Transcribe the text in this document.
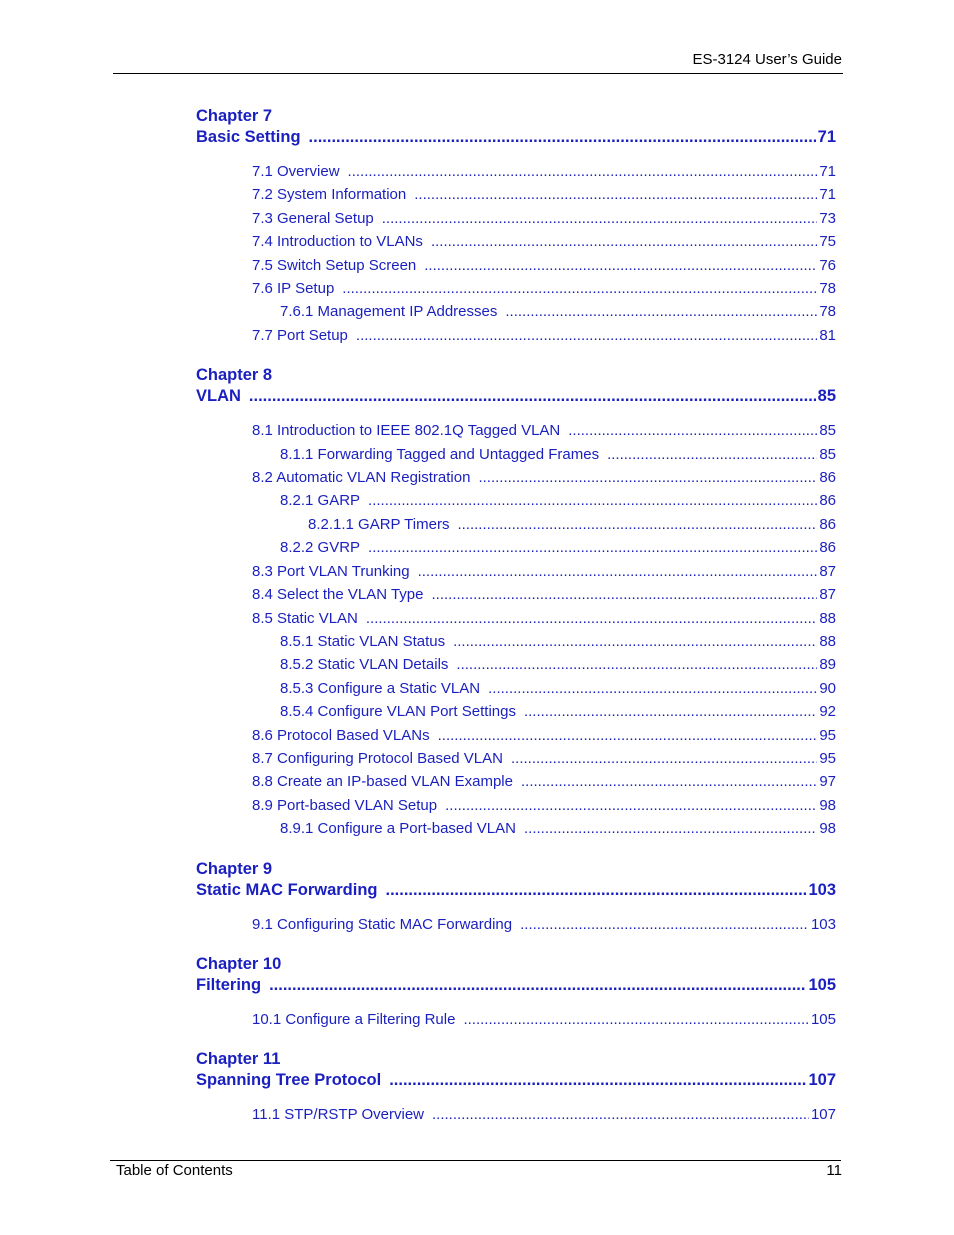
ES-3124 User’s Guide
Chapter 7
Basic Setting .....	71
7.1 Overview .....	71
7.2 System Information .....	71
7.3 General Setup .....	73
7.4 Introduction to VLANs .....	75
7.5 Switch Setup Screen .....	76
7.6 IP Setup .....	78
7.6.1 Management IP Addresses .....	78
7.7 Port Setup .....	81
Chapter 8
VLAN .....	85
8.1 Introduction to IEEE 802.1Q Tagged VLAN .....	85
8.1.1 Forwarding Tagged and Untagged Frames .....	85
8.2 Automatic VLAN Registration .....	86
8.2.1 GARP .....	86
8.2.1.1 GARP Timers .....	86
8.2.2 GVRP .....	86
8.3 Port VLAN Trunking .....	87
8.4 Select the VLAN Type .....	87
8.5 Static VLAN .....	88
8.5.1 Static VLAN Status .....	88
8.5.2 Static VLAN Details .....	89
8.5.3 Configure a Static VLAN .....	90
8.5.4 Configure VLAN Port Settings .....	92
8.6 Protocol Based VLANs .....	95
8.7 Configuring Protocol Based VLAN .....	95
8.8 Create an IP-based VLAN Example .....	97
8.9 Port-based VLAN Setup .....	98
8.9.1 Configure a Port-based VLAN .....	98
Chapter 9
Static MAC Forwarding .....	103
9.1 Configuring Static MAC Forwarding .....	103
Chapter 10
Filtering .....	105
10.1 Configure a Filtering Rule .....	105
Chapter 11
Spanning Tree Protocol .....	107
11.1 STP/RSTP Overview .....	107
Table of Contents	11
